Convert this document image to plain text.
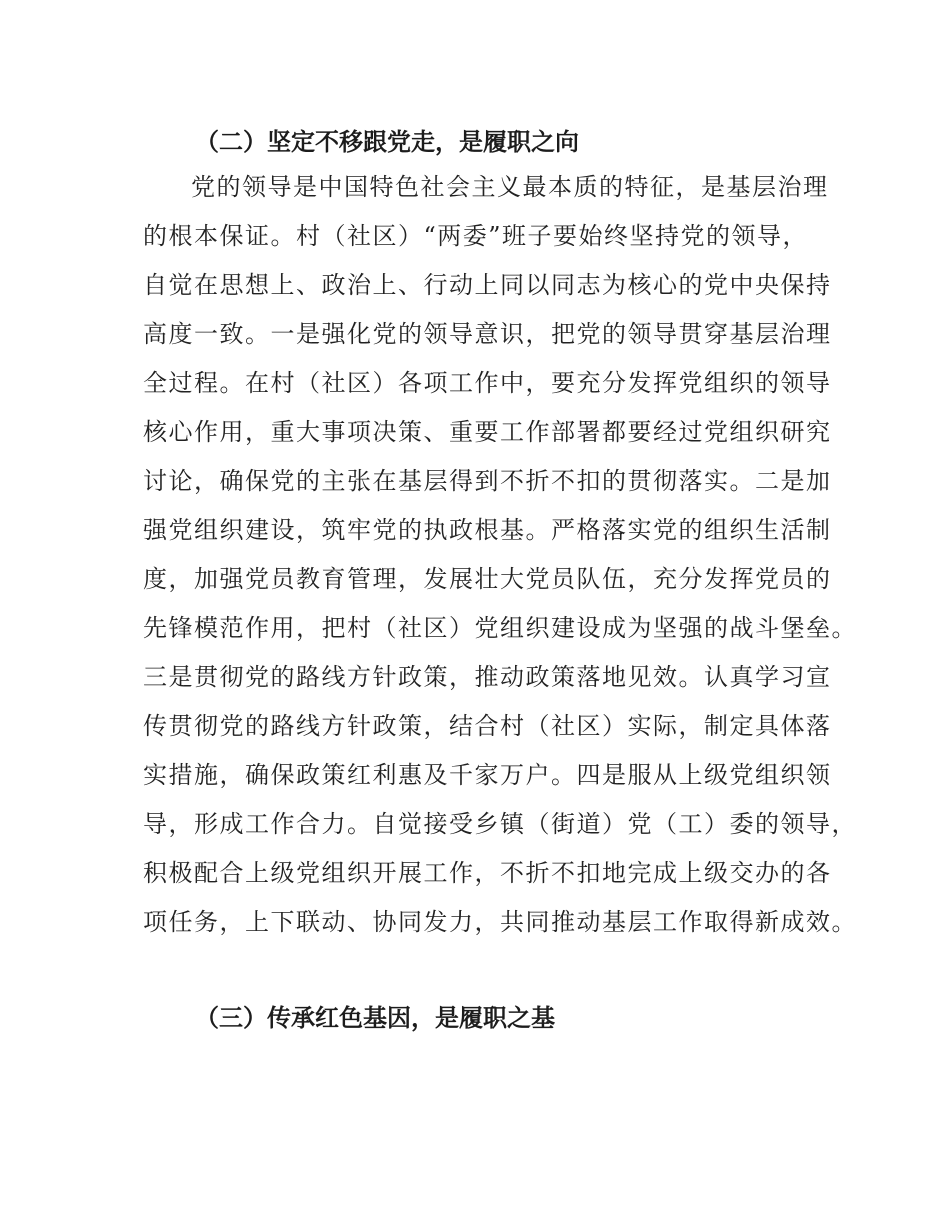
（二）坚定不移跟党走，是履职之向
党的领导是中国特色社会主义最本质的特征，是基层治理
的根本保证。村（社区）“两委”班子要始终坚持党的领导，
自觉在思想上、政治上、行动上同以同志为核心的党中央保持
高度一致。一是强化党的领导意识，把党的领导贯穿基层治理
全过程。在村（社区）各项工作中，要充分发挥党组织的领导
核心作用，重大事项决策、重要工作部署都要经过党组织研究
讨论，确保党的主张在基层得到不折不扣的贯彻落实。二是加
强党组织建设，筑牢党的执政根基。严格落实党的组织生活制
度，加强党员教育管理，发展壮大党员队伍，充分发挥党员的
先锋模范作用，把村（社区）党组织建设成为坚强的战斗堡垒。
三是贯彻党的路线方针政策，推动政策落地见效。认真学习宣
传贯彻党的路线方针政策，结合村（社区）实际，制定具体落
实措施，确保政策红利惠及千家万户。四是服从上级党组织领
导，形成工作合力。自觉接受乡镇（街道）党（工）委的领导，
积极配合上级党组织开展工作，不折不扣地完成上级交办的各
项任务，上下联动、协同发力，共同推动基层工作取得新成效。
（三）传承红色基因，是履职之基
